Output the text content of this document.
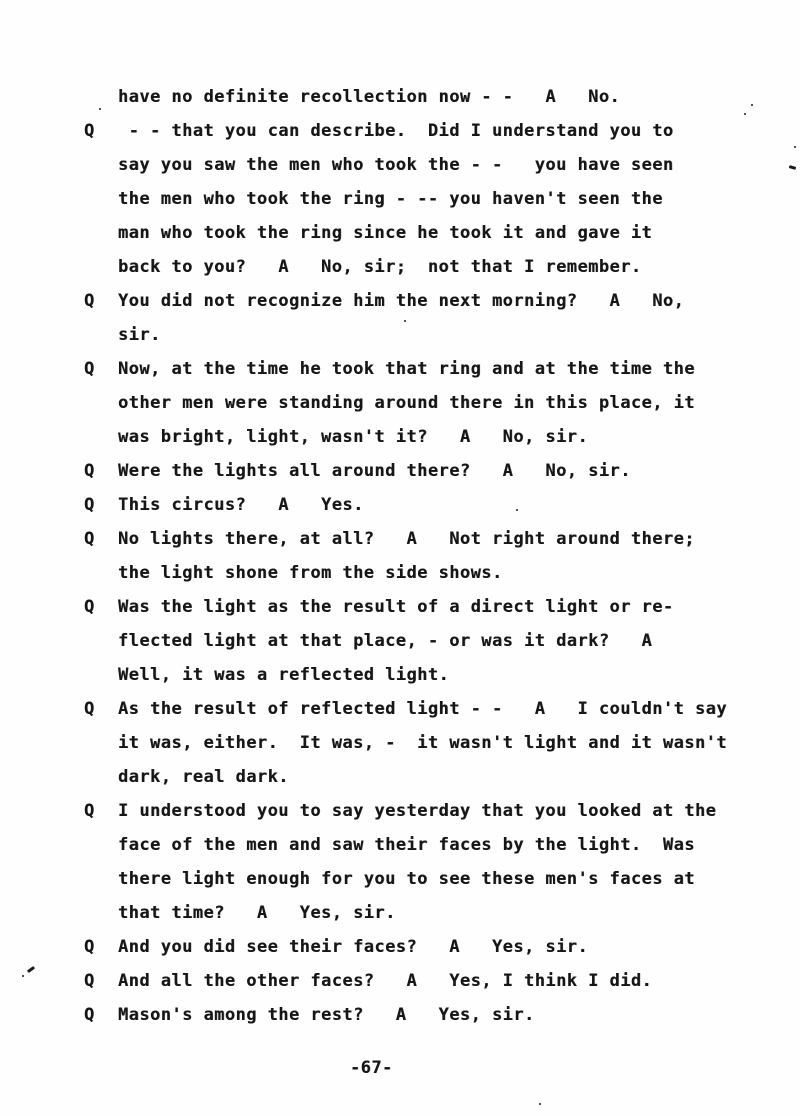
have no definite recollection now - -   A   No.

Q

- - that you can describe.  Did I understand you to

say you saw the men who took the - -   you have seen

the men who took the ring - -- you haven't seen the

man who took the ring since he took it and gave it

back to you?   A   No, sir;  not that I remember.

Q

You did not recognize him the next morning?   A   No,

sir.

Q

Now, at the time he took that ring and at the time the

other men were standing around there in this place, it

was bright, light, wasn't it?   A   No, sir.

Q

Were the lights all around there?   A   No, sir.

Q

This circus?   A   Yes.

Q

No lights there, at all?   A   Not right around there;

the light shone from the side shows.

Q

Was the light as the result of a direct light or re-

flected light at that place, - or was it dark?   A

Well, it was a reflected light.

Q

As the result of reflected light - -   A   I couldn't say

it was, either.  It was, -  it wasn't light and it wasn't

dark, real dark.

Q

I understood you to say yesterday that you looked at the

face of the men and saw their faces by the light.  Was

there light enough for you to see these men's faces at

that time?   A   Yes, sir.

Q

And you did see their faces?   A   Yes, sir.

Q

And all the other faces?   A   Yes, I think I did.

Q

Mason's among the rest?   A   Yes, sir.

-67-
